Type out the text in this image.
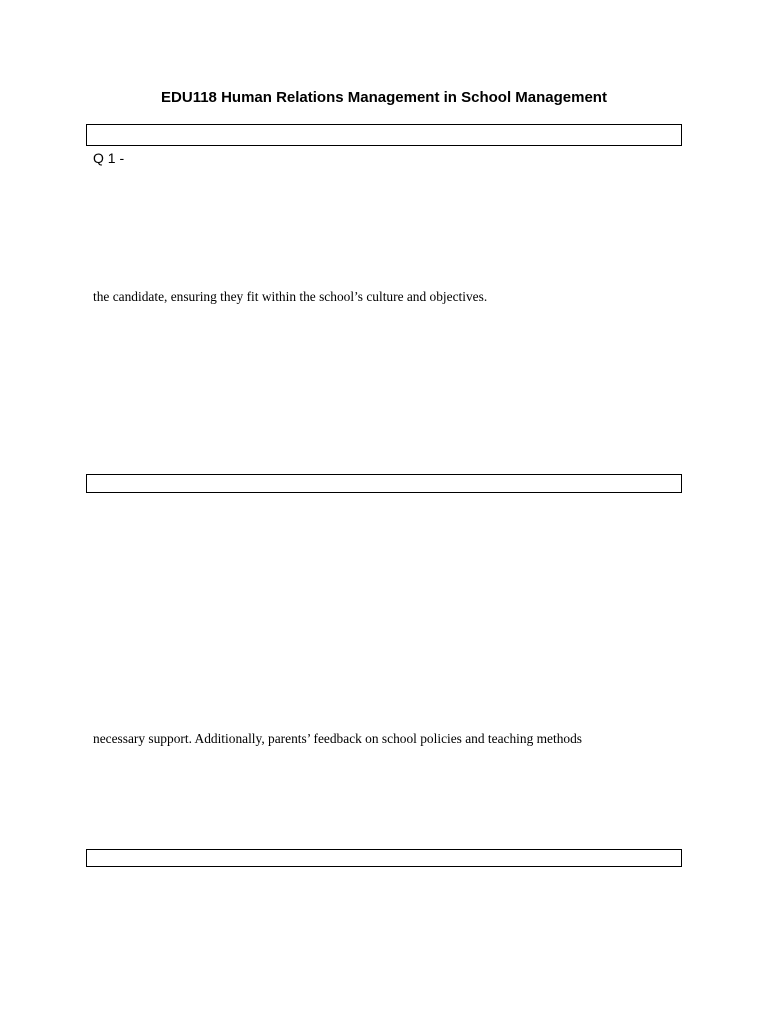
EDU118 Human Relations Management in School Management
Q 1 -
the candidate, ensuring they fit within the school’s culture and objectives.
necessary support. Additionally, parents’ feedback on school policies and teaching methods
